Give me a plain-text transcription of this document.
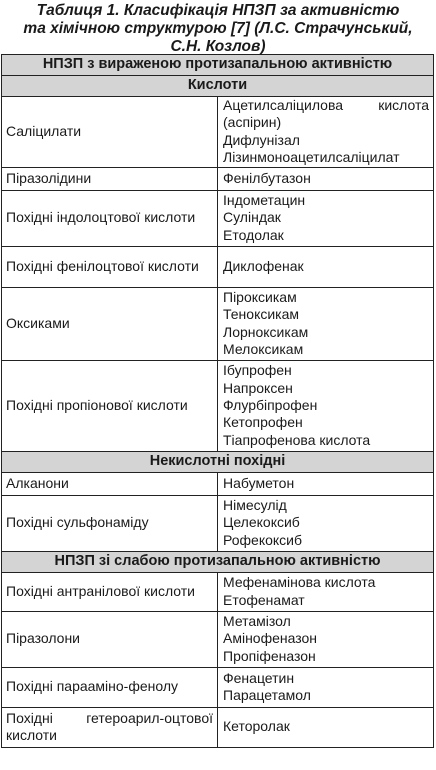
Таблиця 1. Класифікація НПЗП за активністю
та хімічною структурою [7] (Л.С. Страчунський,
С.Н. Козлов)
НПЗП з вираженою протизапальною активністю	
Кислоти	
Саліцилати	Ацетилсаліцилова кислота (аспірин)
Дифлунізал
Лізинмоноацетилсаліцилат

Піразолідини	Фенілбутазон

Похідні індолоцтової кислоти	Індометацин
Суліндак
Етодолак

Похідні фенілоцтової кислоти	Диклофенак

Оксиками	Піроксикам
Теноксикам
Лорноксикам
Мелоксикам

Похідні пропіонової кислоти	Ібупрофен
Напроксен
Флурбіпрофен
Кетопрофен
Тіапрофенова кислота

Некислотні похідні	
Алканони	Набуметон

Похідні сульфонаміду	Німесулід
Целекоксиб
Рофекоксиб

НПЗП зі слабою протизапальною активністю	
Похідні антранілової кислоти	Мефенамінова кислота
Етофенамат

Піразолони	Метамізол
Амінофеназон
Пропіфеназон

Похідні парааміно-фенолу	Фенацетин
Парацетамол

Похідні гетероарил-оцтової кислоти	Кеторолак
